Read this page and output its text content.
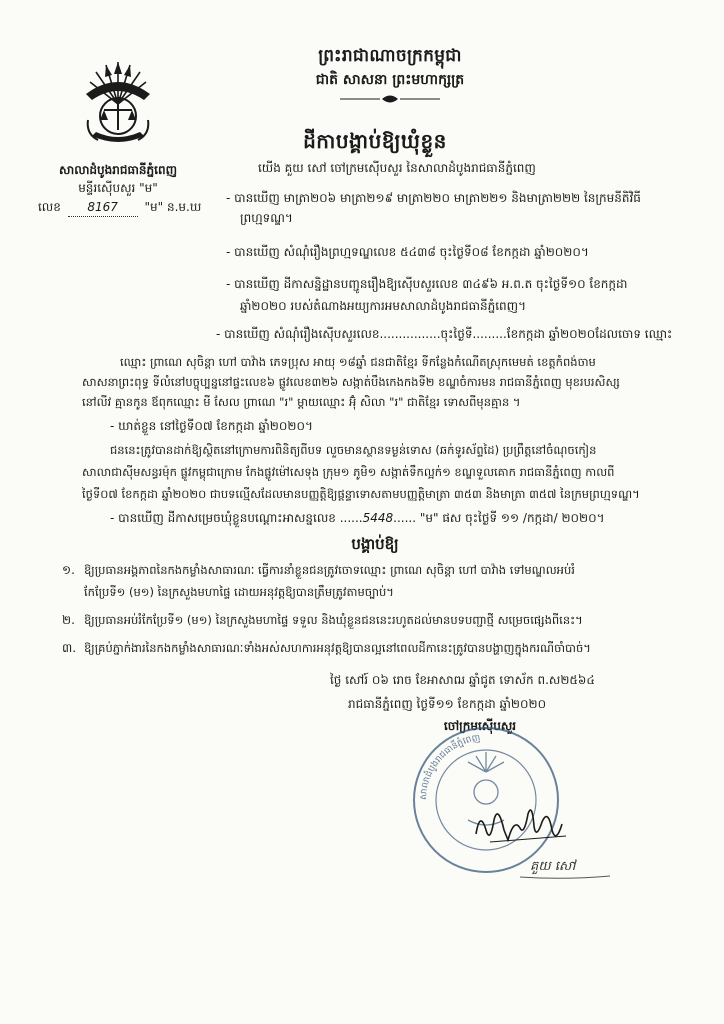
ព្រះរាជាណាចក្រកម្ពុជា
ជាតិ សាសនា ព្រះមហាក្សត្រ
សាលាដំបូងរាជធានីភ្នំពេញ
មន្ទីរស៊ើបសួរ "ម"
លេខ 8167 "ម" ន.ម.ឃ
ដីកាបង្គាប់ឱ្យឃុំខ្លួន
យើង គួយ សៅ ចៅក្រមស៊ើបសួរ នៃសាលាដំបូងរាជធានីភ្នំពេញ
- បានឃើញ មាត្រា២០៦ មាត្រា២១៩ មាត្រា២២០ មាត្រា២២១ និងមាត្រា២២២ នៃក្រមនីតិវិធី
ព្រហ្មទណ្ឌ។
- បានឃើញ សំណុំរឿងព្រហ្មទណ្ឌលេខ ៥៤៣៨ ចុះថ្ងៃទី០៨ ខែកក្កដា ឆ្នាំ២០២០។
- បានឃើញ ដីកាសន្និដ្ឋានបញ្ជូនរឿងឱ្យស៊ើបសួរលេខ ៣៤៩៦ អ.ព.ត ចុះថ្ងៃទី១០ ខែកក្កដា
ឆ្នាំ២០២០ របស់តំណាងអយ្យការអមសាលាដំបូងរាជធានីភ្នំពេញ។
- បានឃើញ សំណុំរឿងស៊ើបសួរលេខ................ចុះថ្ងៃទី.........ខែកក្កដា ឆ្នាំ២០២០ដែលចោទ ឈ្មោះ
ឈ្មោះ ព្រាណេ សុចិន្តា ហៅ បាវ៉ាង ភេទប្រុស អាយុ ១៨ឆ្នាំ ជនជាតិខ្មែរ ទីកន្លែងកំណើតស្រុកមេមត់ ខេត្តកំពង់ចាម
សាសនាព្រះពុទ្ធ ទីលំនៅបច្ចុប្បន្ននៅផ្ទះលេខ៦ ផ្លូវលេខ៣២៦ សង្កាត់បឹងកេងកងទី២ ខណ្ឌចំការមន រាជធានីភ្នំពេញ មុខរបរសិស្ស
នៅលីវ គ្មានកូន ឪពុកឈ្មោះ មី សែល ព្រាណេ "រ" ម្តាយឈ្មោះ អ៊ុំ សិលា "រ" ជាតិខ្មែរ ទោសពីមុនគ្មាន ។
- ឃាត់ខ្លួន នៅថ្ងៃទី០៧ ខែកក្កដា ឆ្នាំ២០២០។
ជននេះត្រូវបានដាក់ឱ្យស្ថិតនៅក្រោមការពិនិត្យពីបទ លួចមានស្ថានទម្ងន់ទោស (ឆក់ទូរស័ព្ទដៃ) ប្រព្រឹត្តនៅចំណុចកៀន
សាលាជាស៊ីមសន្ធរម៉ុក ផ្លូវកម្ពុជាក្រោម កែងផ្លូវម៉ៅសេទុង ក្រុម១ ភូមិ១ សង្កាត់ទឹកល្អក់១ ខណ្ឌទួលគោក រាជធានីភ្នំពេញ កាលពី
ថ្ងៃទី០៧ ខែកក្កដា ឆ្នាំ២០២០ ជាបទល្មើសដែលមានបញ្ញត្តិឱ្យផ្តន្ទាទោសតាមបញ្ញត្តិមាត្រា ៣៥៣ និងមាត្រា ៣៥៧ នៃក្រមព្រហ្មទណ្ឌ។
- បានឃើញ ដីកាសម្រេចឃុំខ្លួនបណ្តោះអាសន្នលេខ ......5448...... "ម" ផស ចុះថ្ងៃទី ១១ /កក្កដា/ ២០២០។
បង្គាប់ឱ្យ
១. ឱ្យប្រធានអង្គភាពនៃកងកម្លាំងសាធារណៈ ធ្វើការនាំខ្លួនជនត្រូវចោទឈ្មោះ ព្រាណេ សុចិន្តា ហៅ បាវ៉ាង ទៅមណ្ឌលអប់រំ
កែប្រែទី១ (ម១) នៃក្រសួងមហាផ្ទៃ ដោយអនុវត្តឱ្យបានត្រឹមត្រូវតាមច្បាប់។
២. ឱ្យប្រធានអប់រំកែប្រែទី១ (ម១) នៃក្រសួងមហាផ្ទៃ ទទួល និងឃុំខ្លួនជននេះរហូតដល់មានបទបញ្ជាថ្មី សម្រេចផ្សេងពីនេះ។
៣. ឱ្យគ្រប់ភ្នាក់ងារនៃកងកម្លាំងសាធារណៈទាំងអស់សហការអនុវត្តឱ្យបានល្អនៅពេលដីកានេះត្រូវបានបង្ហាញក្នុងករណីចាំបាច់។
ថ្ងៃ សៅរ៍ ០៦ រោច ខែអាសាឍ ឆ្នាំជូត ទោស័ក ព.ស២៥៦៤
រាជធានីភ្នំពេញ ថ្ងៃទី១១ ខែកក្កដា ឆ្នាំ២០២០
ចៅក្រមស៊ើបសួរ
សាលាដំបូងរាជធានីភ្នំពេញ
គួយ សៅ
